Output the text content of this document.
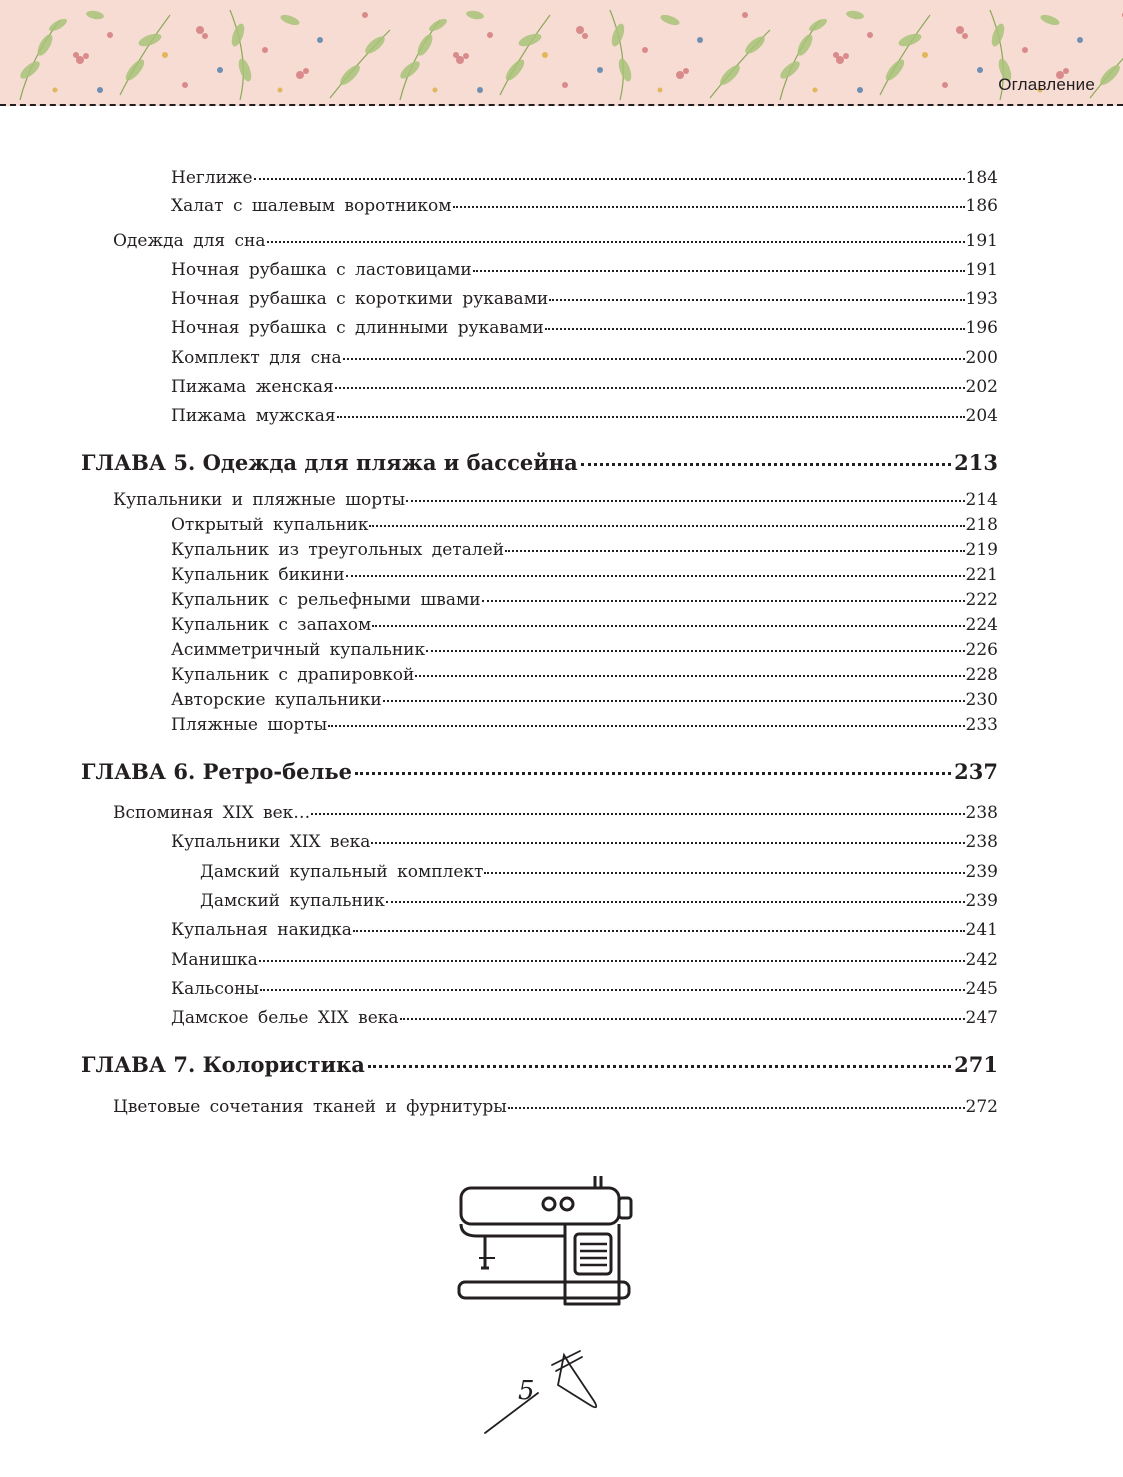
Оглавление
Неглиже	184
Халат с шалевым воротником	186
Одежда для сна	191
Ночная рубашка с ластовицами	191
Ночная рубашка с короткими рукавами	193
Ночная рубашка с длинными рукавами	196
Комплект для сна	200
Пижама женская	202
Пижама мужская	204
ГЛАВА 5. Одежда для пляжа и бассейна	213
Купальники и пляжные шорты	214
Открытый купальник	218
Купальник из треугольных деталей	219
Купальник бикини	221
Купальник с рельефными швами	222
Купальник с запахом	224
Асимметричный купальник	226
Купальник с драпировкой	228
Авторские купальники	230
Пляжные шорты	233
ГЛАВА 6. Ретро-белье	237
Вспоминая XIX век…	238
Купальники XIX века	238
Дамский купальный комплект	239
Дамский купальник	239
Купальная накидка	241
Манишка	242
Кальсоны	245
Дамское белье XIX века	247
ГЛАВА 7. Колористика	271
Цветовые сочетания тканей и фурнитуры	272
5
